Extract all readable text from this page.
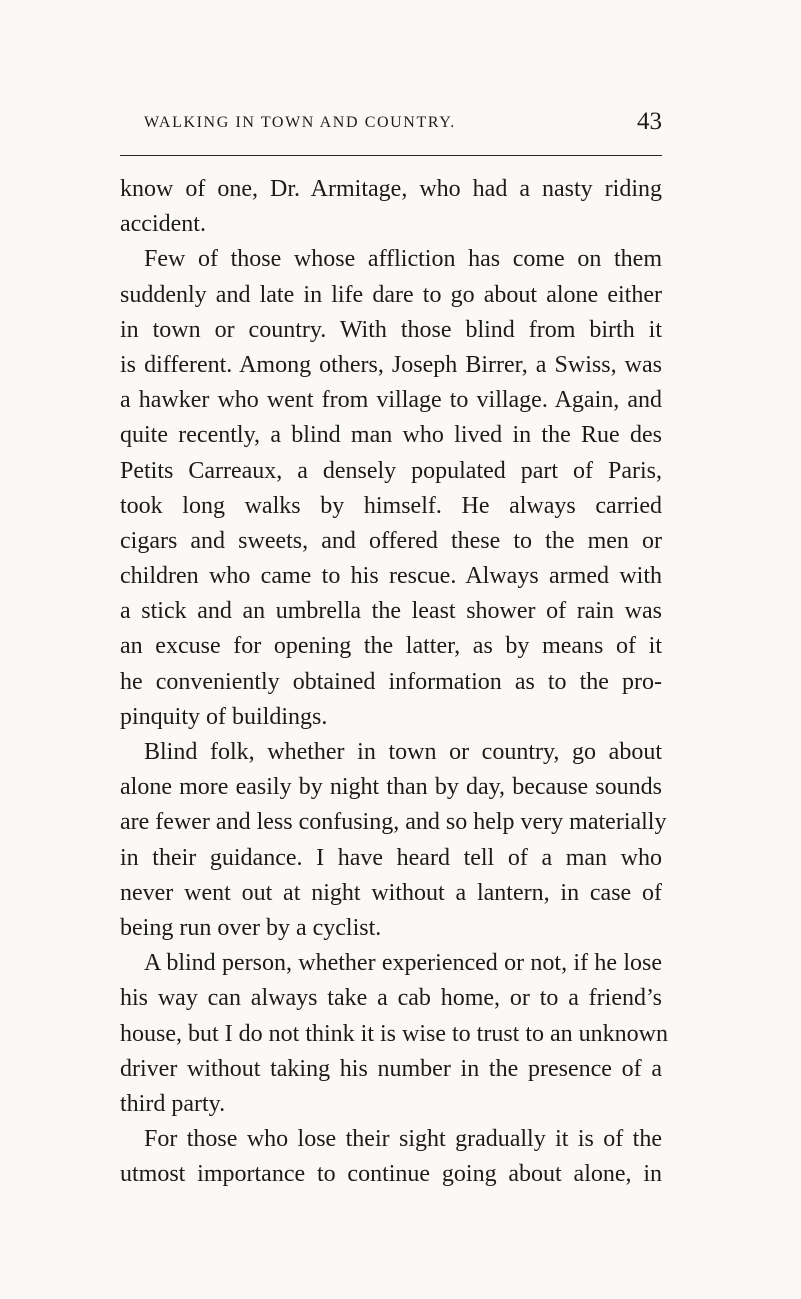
WALKING IN TOWN AND COUNTRY.	43
know of one, Dr. Armitage, who had a nasty riding
accident.
Few of those whose affliction has come on them
suddenly and late in life dare to go about alone either
in town or country. With those blind from birth it
is different. Among others, Joseph Birrer, a Swiss, was
a hawker who went from village to village. Again, and
quite recently, a blind man who lived in the Rue des
Petits Carreaux, a densely populated part of Paris,
took long walks by himself. He always carried
cigars and sweets, and offered these to the men or
children who came to his rescue. Always armed with
a stick and an umbrella the least shower of rain was
an excuse for opening the latter, as by means of it
he conveniently obtained information as to the pro-
pinquity of buildings.
Blind folk, whether in town or country, go about
alone more easily by night than by day, because sounds
are fewer and less confusing, and so help very materially
in their guidance. I have heard tell of a man who
never went out at night without a lantern, in case of
being run over by a cyclist.
A blind person, whether experienced or not, if he lose
his way can always take a cab home, or to a friend’s
house, but I do not think it is wise to trust to an unknown
driver without taking his number in the presence of a
third party.
For those who lose their sight gradually it is of the
utmost importance to continue going about alone, in
